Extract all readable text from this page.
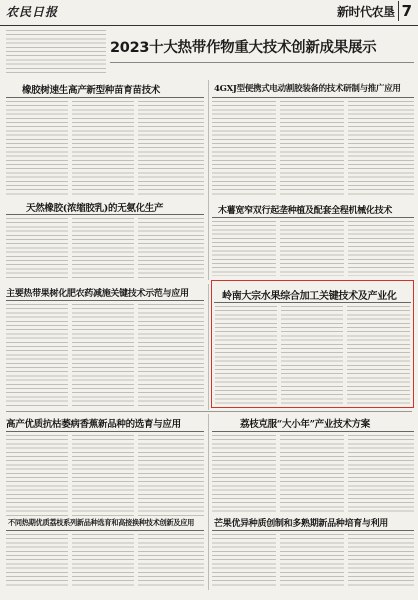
农民日报	新时代农垦 7
2023十大热带作物重大技术创新成果展示
橡胶树速生高产新型种苗育苗技术	4GXJ型便携式电动割胶装备的技术研制与推广应用
天然橡胶(浓缩胶乳)的无氨化生产	木薯宽窄双行起垄种植及配套全程机械化技术
主要热带果树化肥农药减施关键技术示范与应用	岭南大宗水果综合加工关键技术及产业化
高产优质抗枯萎病香蕉新品种的选育与应用	荔枝克服“大小年”产业技术方案
不同热期优质荔枝系列新品种选育和高接换种技术创新及应用 芒果优异种质创制和多熟期新品种培育与利用
